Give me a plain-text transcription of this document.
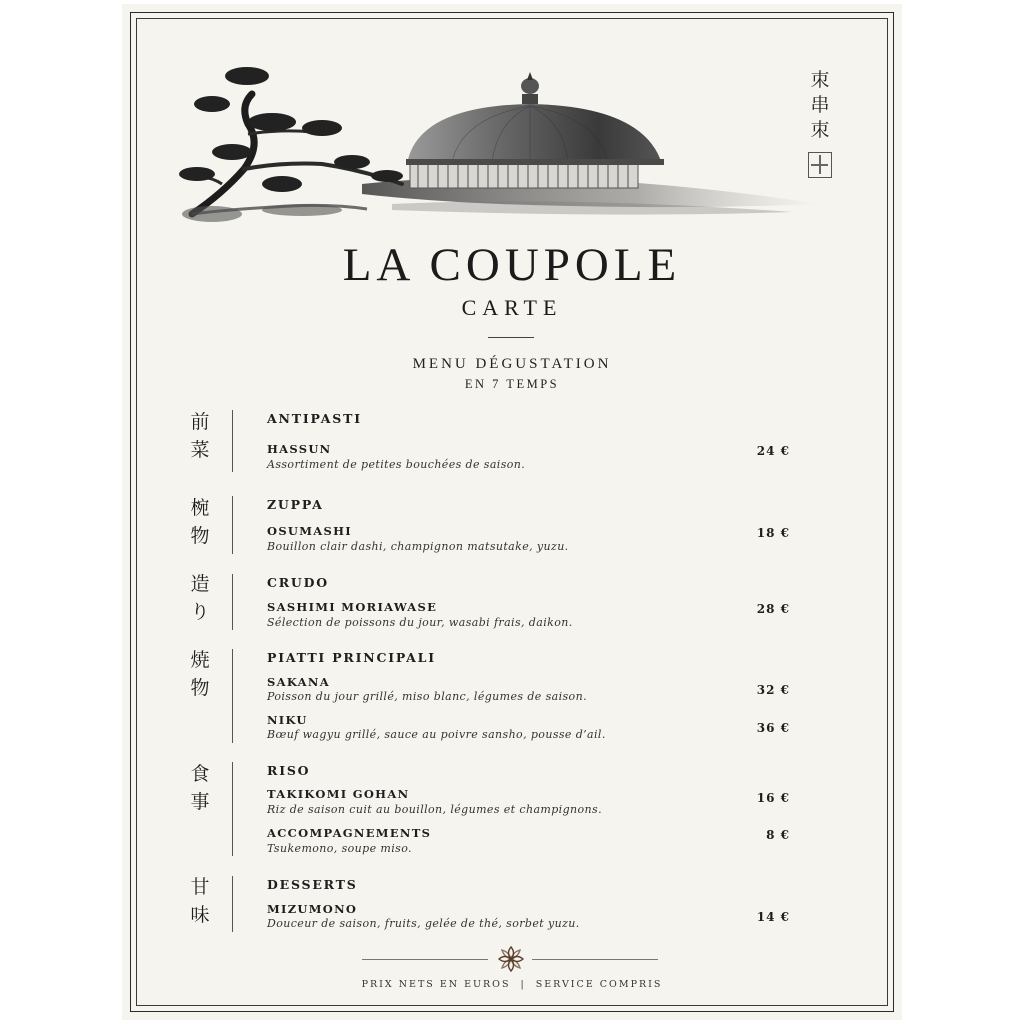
朿
串
朿
LA COUPOLE
CARTE
MENU DÉGUSTATION
EN 7 TEMPS
前
菜
ANTIPASTI
HASSUN
Assortiment de petites bouchées de saison.
24 €
椀
物
ZUPPA
OSUMASHI
Bouillon clair dashi, champignon matsutake, yuzu.
18 €
造
り
CRUDO
SASHIMI MORIAWASE
Sélection de poissons du jour, wasabi frais, daikon.
28 €
焼
物
PIATTI PRINCIPALI
SAKANA
Poisson du jour grillé, miso blanc, légumes de saison.	32 €
NIKU
Bœuf wagyu grillé, sauce au poivre sansho, pousse d’ail.	36 €
食
事
RISO
TAKIKOMI GOHAN
Riz de saison cuit au bouillon, légumes et champignons.
16 €
ACCOMPAGNEMENTS
Tsukemono, soupe miso.
8 €
甘
味
DESSERTS
MIZUMONO
Douceur de saison, fruits, gelée de thé, sorbet yuzu.	14 €
PRIX NETS EN EUROS | SERVICE COMPRIS
